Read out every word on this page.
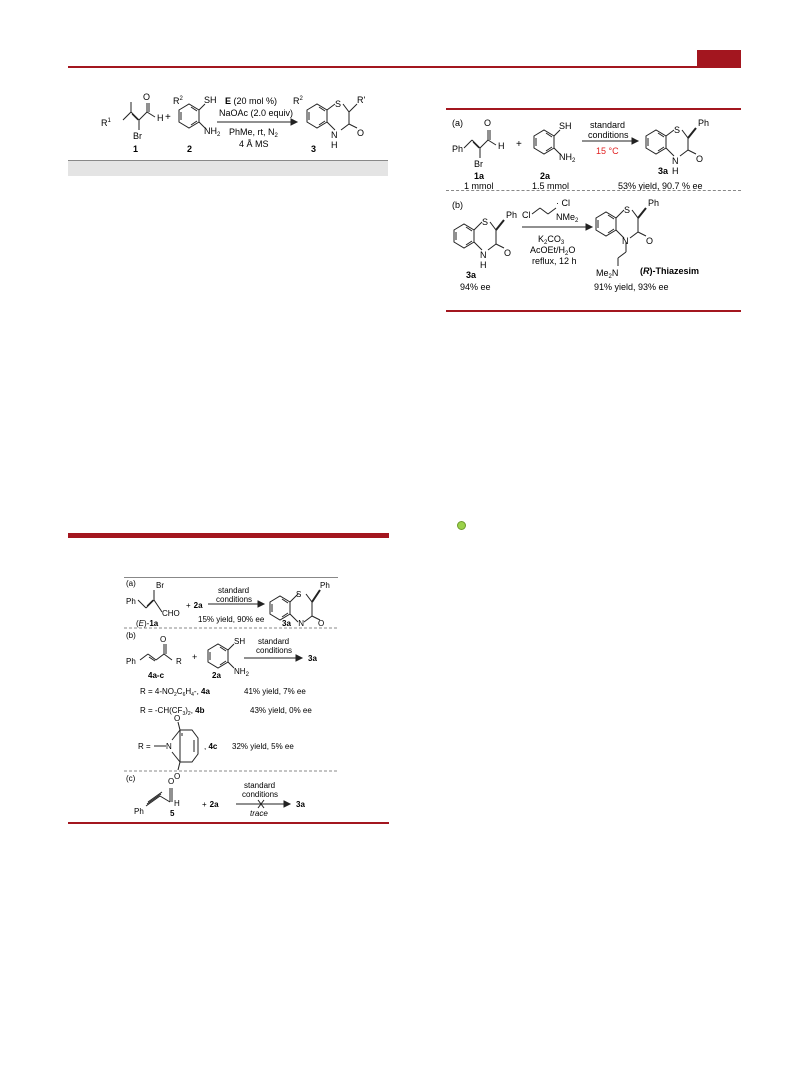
$R^1$
O
H
Br
1
+
$R^2$ SH
$NH_2$
2
E (20 mol %)
NaOAc (2.0 equiv)
PhMe, rt, $N_2$
4 Å MS
$R^2$	S R'
N
H
O
3
(a)
Ph
O
H
Br
1a
1 mmol
+
SH
$NH_2$
2a
1.5 mmol
standard
conditions
15 °C
S
Ph
N
H
O
3a
53% yield, 90.7 % ee
(b)
S
Ph
N
H
O
3a
94% ee
Cl
· Cl
NMe$_2$
$K_2CO_3$
AcOEt/$H_2O$
reflux, 12 h
S
Ph
N O
$Me_2N$ (R)-Thiazesim
91% yield, 93% ee
(a)	Br
Ph
CHO
(E)-1a
+ 2a
standard
conditions
15% yield, 90% ee
S
Ph
3a N O
(b)
Ph
O
R +
SH
$NH_2$
standard
conditions
3a
4a-c	2a
$R = 4-NO_2C_6H_4-$, 4a	41% yield, 7% ee
$R = -CH(CF_3)_2$, 4b	43% yield, 0% ee
R = N
O
O
, 4c 32% yield, 5% ee
(c)	O
H
Ph	5
+ 2a
standard
conditions
trace
3a
